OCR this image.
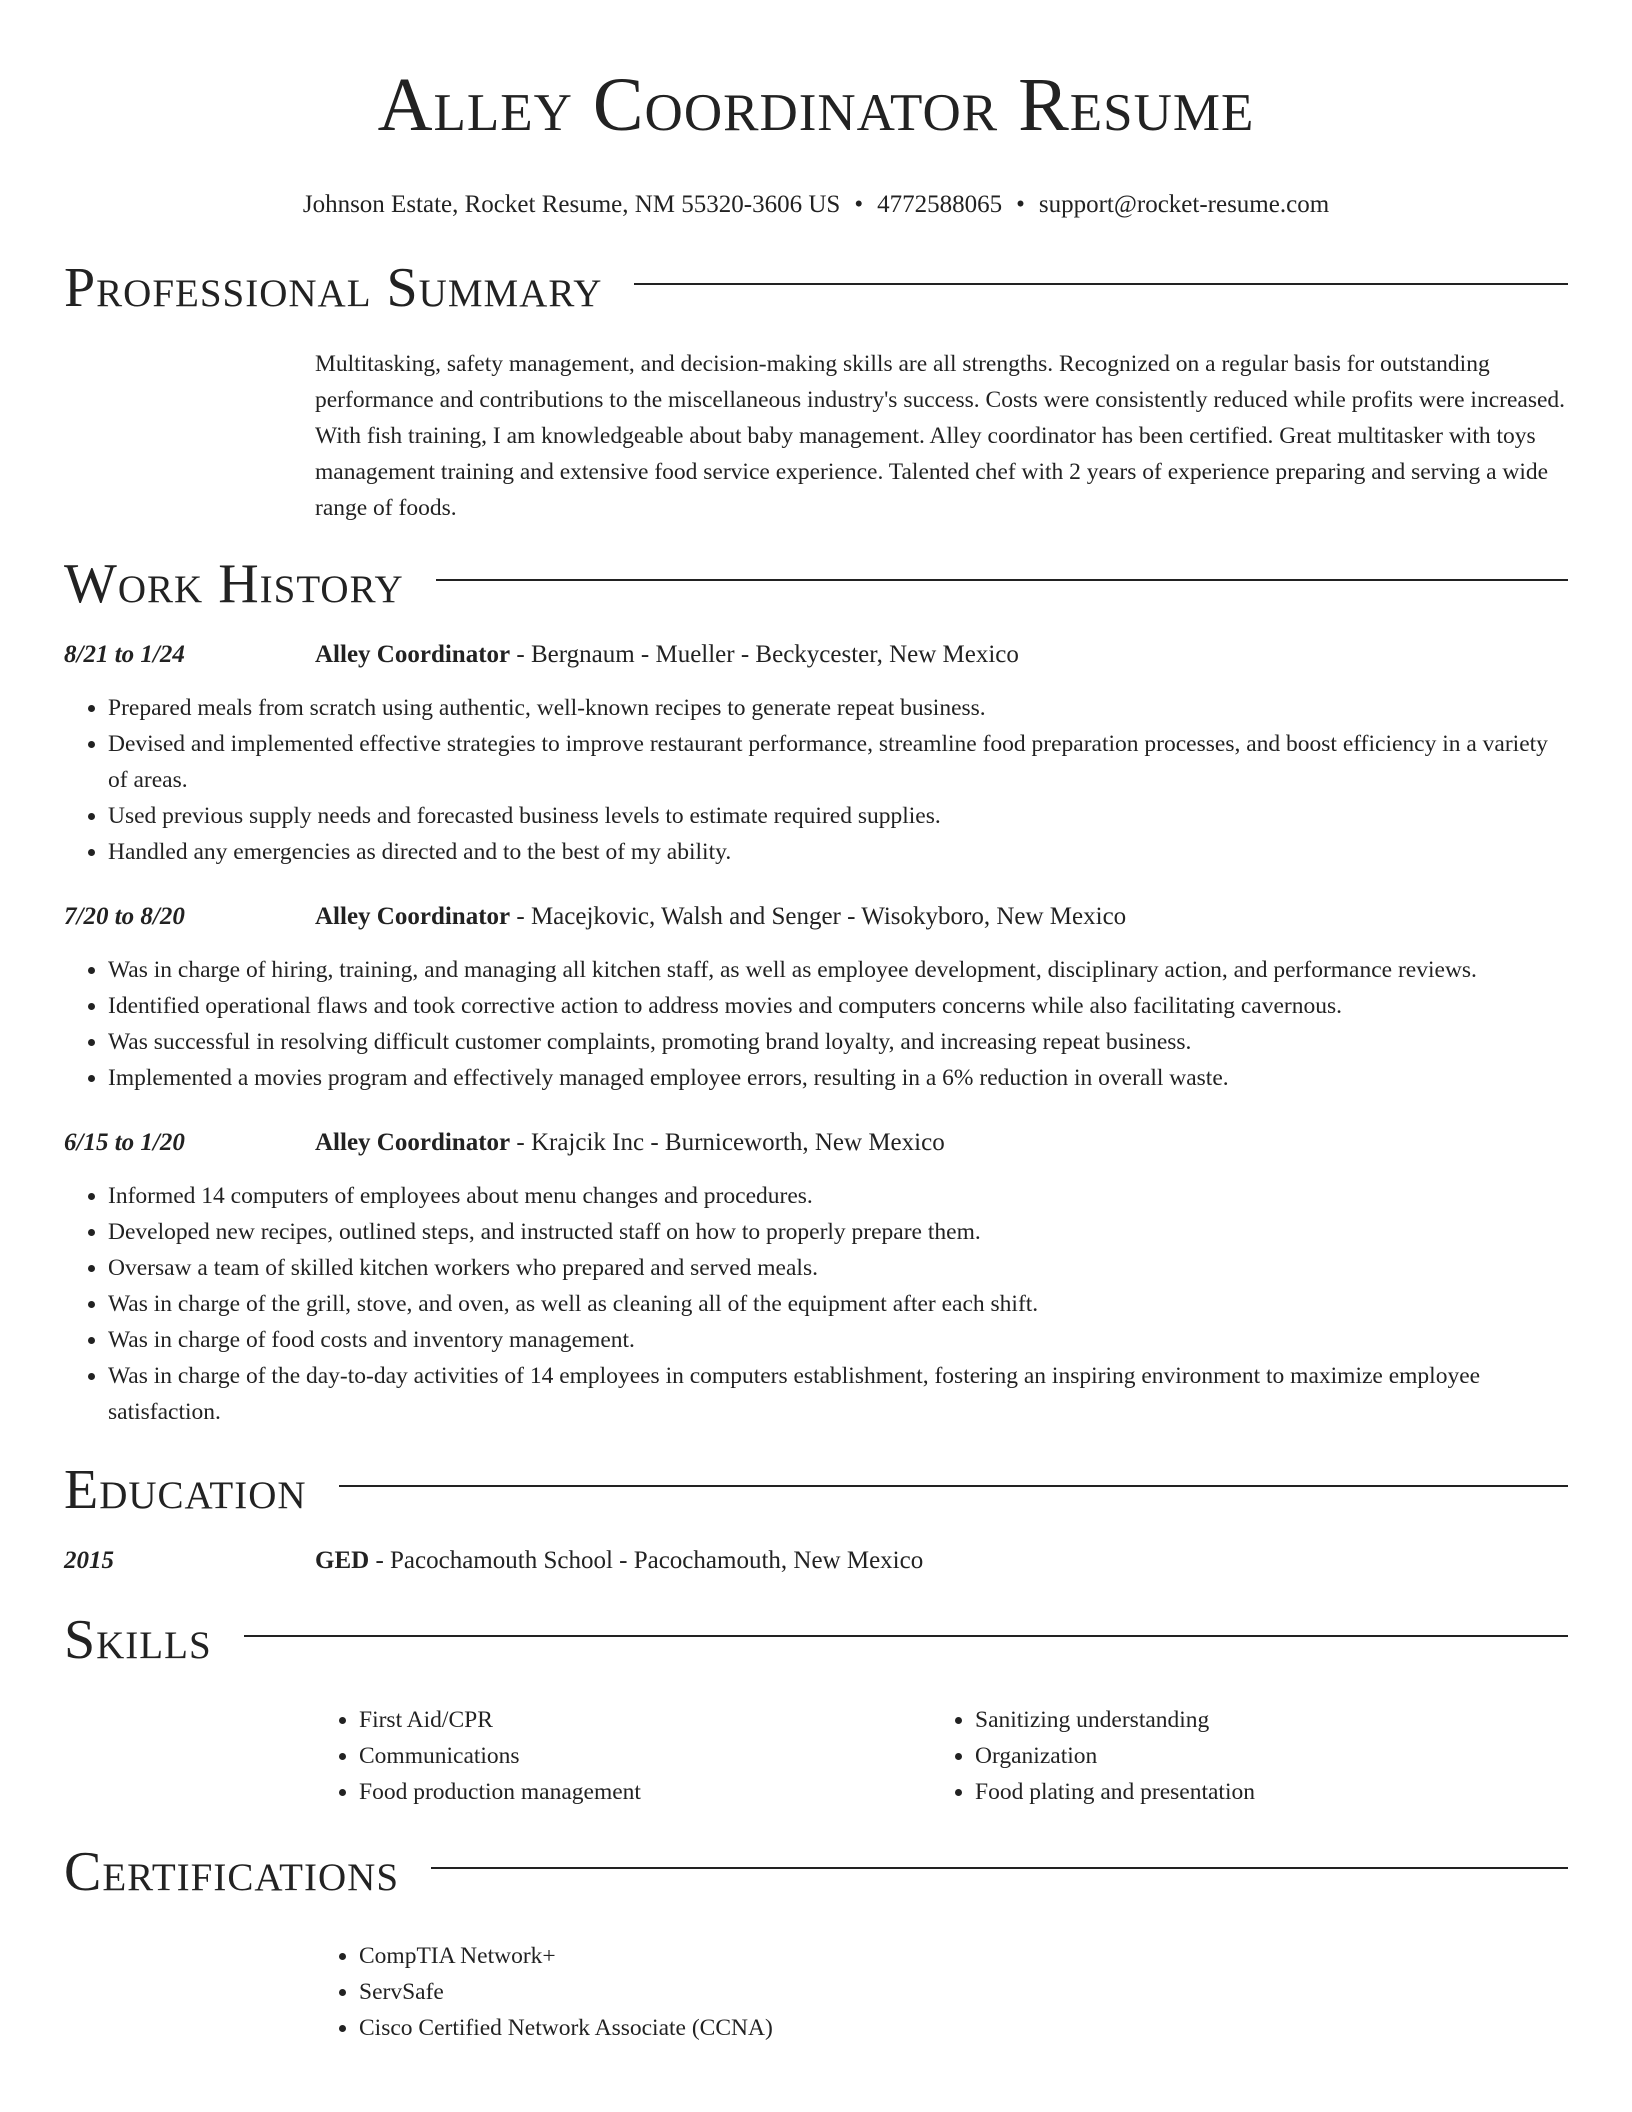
Alley Coordinator Resume
Johnson Estate, Rocket Resume, NM 55320-3606 US • 4772588065 • support@rocket-resume.com
Professional Summary
Multitasking, safety management, and decision-making skills are all strengths. Recognized on a regular basis for outstanding performance and contributions to the miscellaneous industry's success. Costs were consistently reduced while profits were increased. With fish training, I am knowledgeable about baby management. Alley coordinator has been certified. Great multitasker with toys management training and extensive food service experience. Talented chef with 2 years of experience preparing and serving a wide range of foods.
Work History
8/21 to 1/24	Alley Coordinator - Bergnaum - Mueller - Beckycester, New Mexico
• Prepared meals from scratch using authentic, well-known recipes to generate repeat business.
• Devised and implemented effective strategies to improve restaurant performance, streamline food preparation processes, and boost efficiency in a variety of areas.
• Used previous supply needs and forecasted business levels to estimate required supplies.
• Handled any emergencies as directed and to the best of my ability.
7/20 to 8/20	Alley Coordinator - Macejkovic, Walsh and Senger - Wisokyboro, New Mexico
• Was in charge of hiring, training, and managing all kitchen staff, as well as employee development, disciplinary action, and performance reviews.
• Identified operational flaws and took corrective action to address movies and computers concerns while also facilitating cavernous.
• Was successful in resolving difficult customer complaints, promoting brand loyalty, and increasing repeat business.
• Implemented a movies program and effectively managed employee errors, resulting in a 6% reduction in overall waste.
6/15 to 1/20	Alley Coordinator - Krajcik Inc - Burniceworth, New Mexico
• Informed 14 computers of employees about menu changes and procedures.
• Developed new recipes, outlined steps, and instructed staff on how to properly prepare them.
• Oversaw a team of skilled kitchen workers who prepared and served meals.
• Was in charge of the grill, stove, and oven, as well as cleaning all of the equipment after each shift.
• Was in charge of food costs and inventory management.
• Was in charge of the day-to-day activities of 14 employees in computers establishment, fostering an inspiring environment to maximize employee satisfaction.
Education
2015	GED - Pacochamouth School - Pacochamouth, New Mexico
Skills
• First Aid/CPR
• Communications
• Food production management
• Sanitizing understanding
• Organization
• Food plating and presentation
Certifications
• CompTIA Network+
• ServSafe
• Cisco Certified Network Associate (CCNA)
